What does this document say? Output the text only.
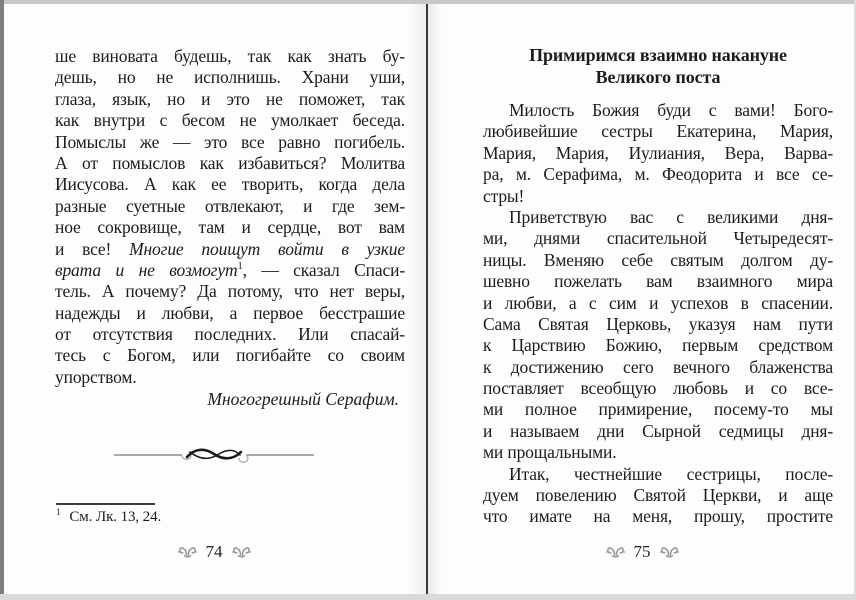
ше виновата будешь, так как знать бу-
дешь, но не исполнишь. Храни уши,
глаза, язык, но и это не поможет, так
как внутри с бесом не умолкает беседа.
Помыслы же — это все равно погибель.
А от помыслов как избавиться? Молитва
Иисусова. А как ее творить, когда дела
разные суетные отвлекают, и где зем-
ное сокровище, там и сердце, вот вам
и все! Многие поищут войти в узкие
врата и не возмогут$^1$, — сказал Спаси-
тель. А почему? Да потому, что нет веры,
надежды и любви, а первое бесстрашие
от отсутствия последних. Или спасай-
тесь с Богом, или погибайте со своим
упорством.
Многогрешный Серафим.
$^1$ См. Лк. 13, 24.
74
Примиримся взаимно накануне
Великого поста
Милость Божия буди с вами! Бого-
любивейшие сестры Екатерина, Мария,
Мария, Мария, Иулиания, Вера, Варва-
ра, м. Серафима, м. Феодорита и все се-
стры!
Приветствую вас с великими дня-
ми, днями спасительной Четыредесят-
ницы. Вменяю себе святым долгом ду-
шевно пожелать вам взаимного мира
и любви, а с сим и успехов в спасении.
Сама Святая Церковь, указуя нам пути
к Царствию Божию, первым средством
к достижению сего вечного блаженства
поставляет всеобщую любовь и со все-
ми полное примирение, посему-то мы
и называем дни Сырной седмицы дня-
ми прощальными.
Итак, честнейшие сестрицы, после-
дуем повелению Святой Церкви, и аще
что имате на меня, прошу, простите
75
